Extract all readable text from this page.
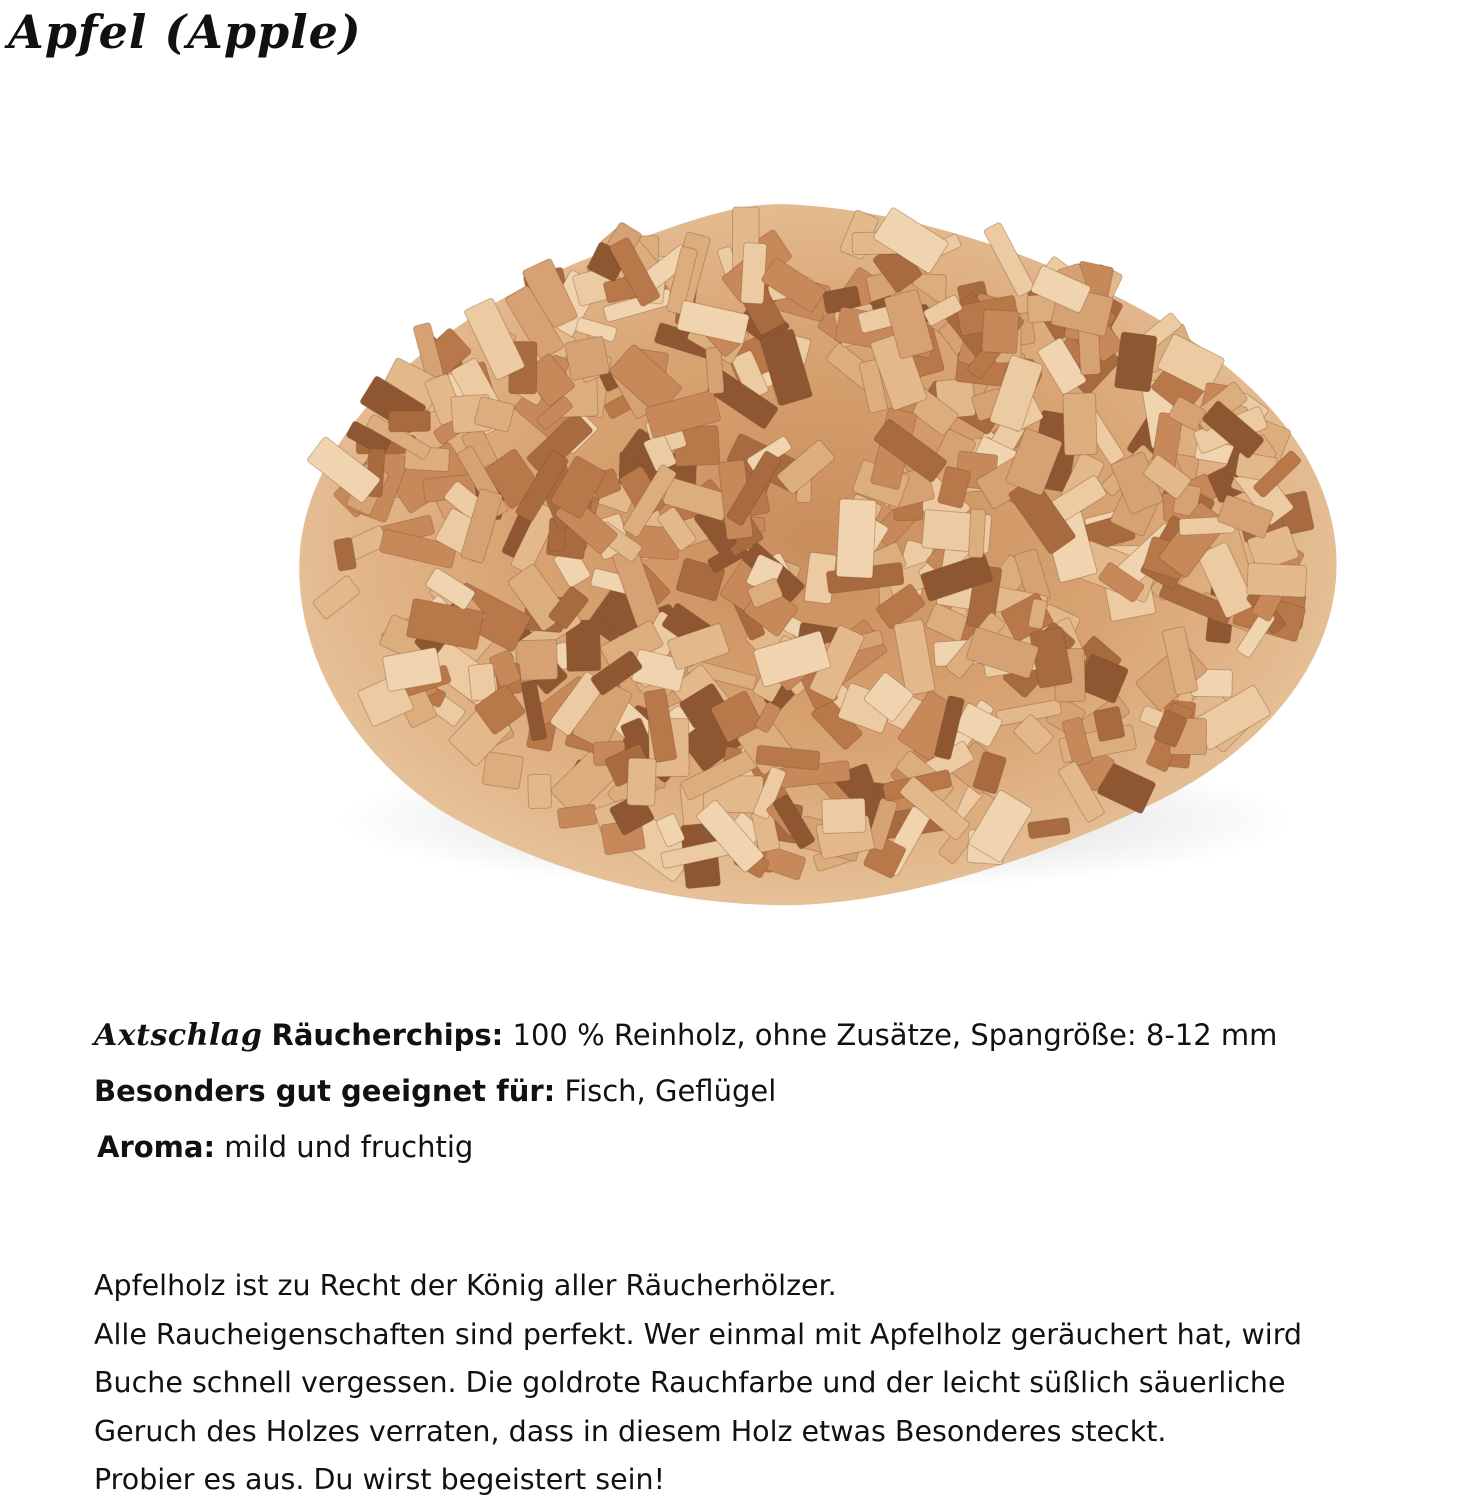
Apfel (Apple)
Axtschlag Räucherchips: 100 % Reinholz, ohne Zusätze, Spangröße: 8-12 mm
Besonders gut geeignet für: Fisch, Geflügel
Aroma: mild und fruchtig

Apfelholz ist zu Recht der König aller Räucherhölzer.

Alle Raucheigenschaften sind perfekt. Wer einmal mit Apfelholz geräuchert hat, wird

Buche schnell vergessen. Die goldrote Rauchfarbe und der leicht süßlich säuerliche

Geruch des Holzes verraten, dass in diesem Holz etwas Besonderes steckt.

Probier es aus. Du wirst begeistert sein!
